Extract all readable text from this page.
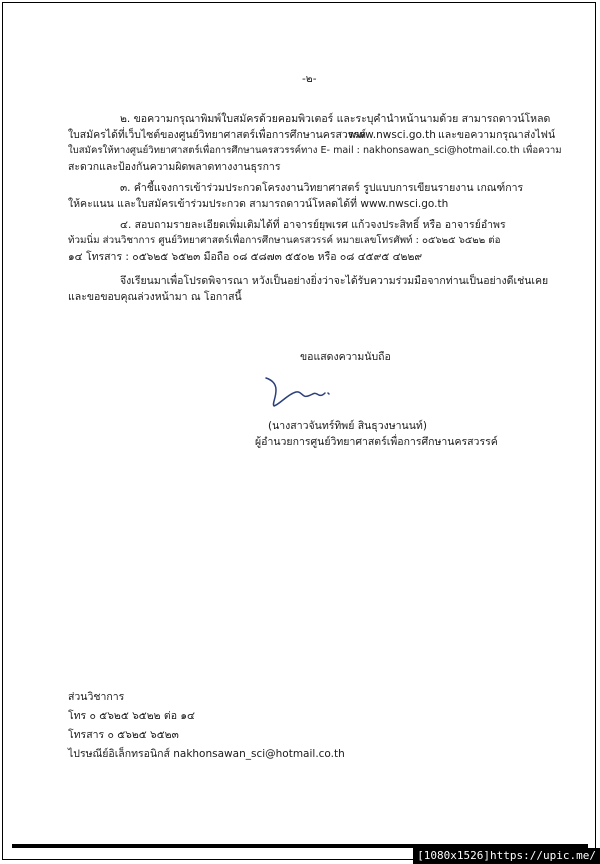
-๒-
๒. ขอความกรุณาพิมพ์ใบสมัครด้วยคอมพิวเตอร์ และระบุคำนำหน้านามด้วย สามารถดาวน์โหลด
ใบสมัครได้ที่เว็บไซต์ของศูนย์วิทยาศาสตร์เพื่อการศึกษานครสวรรค์
www.nwsci.go.th และขอความกรุณาส่งไฟน์
ใบสมัครให้ทางศูนย์วิทยาศาสตร์เพื่อการศึกษานครสวรรค์ทาง E- mail : nakhonsawan_sci@hotmail.co.th เพื่อความ
สะดวกและป้องกันความผิดพลาดทางงานธุรการ
๓. คำชี้แจงการเข้าร่วมประกวดโครงงานวิทยาศาสตร์ รูปแบบการเขียนรายงาน เกณฑ์การ
ให้คะแนน และใบสมัครเข้าร่วมประกวด สามารถดาวน์โหลดได้ที่ www.nwsci.go.th
๔. สอบถามรายละเอียดเพิ่มเติมได้ที่ อาจารย์ยุพเรศ แก้วจงประสิทธิ์ หรือ อาจารย์อำพร
ท้วมนิ่ม ส่วนวิชาการ ศูนย์วิทยาศาสตร์เพื่อการศึกษานครสวรรค์ หมายเลขโทรศัพท์ : ๐๕๖๒๕ ๖๕๒๒ ต่อ
๑๔ โทรสาร : ๐๕๖๒๕ ๖๕๒๓ มือถือ ๐๘ ๕๘๗๓ ๕๕๐๒ หรือ ๐๘ ๔๕๙๕ ๔๒๒๙
จึงเรียนมาเพื่อโปรดพิจารณา หวังเป็นอย่างยิ่งว่าจะได้รับความร่วมมือจากท่านเป็นอย่างดีเช่นเคย
และขอขอบคุณล่วงหน้ามา ณ โอกาสนี้
ขอแสดงความนับถือ
(นางสาวจันทร์ทิพย์ สินธุวงษานนท์)
ผู้อำนวยการศูนย์วิทยาศาสตร์เพื่อการศึกษานครสวรรค์
ส่วนวิชาการ
โทร ๐ ๕๖๒๕ ๖๕๒๒ ต่อ ๑๔
โทรสาร ๐ ๕๖๒๕ ๖๕๒๓
ไปรษณีย์อิเล็กทรอนิกส์ nakhonsawan_sci@hotmail.co.th
[1080x1526]https://upic.me/
